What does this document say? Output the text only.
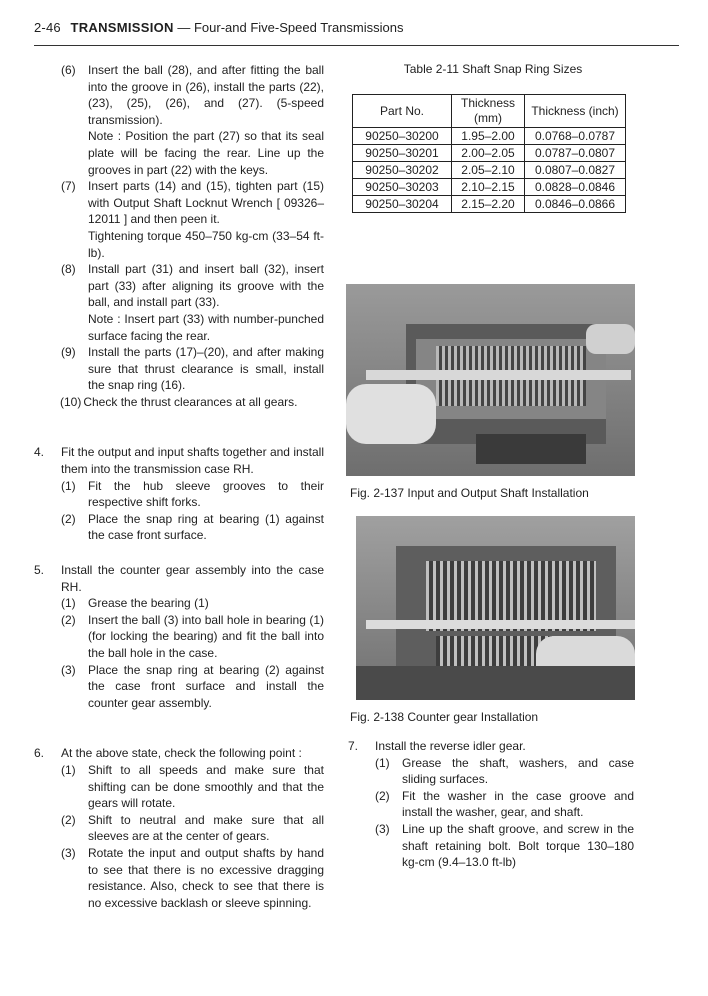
2-46 TRANSMISSION — Four-and Five-Speed Transmissions
(6)	Insert the ball (28), and after fitting the ball into the groove in (26), install the parts (22), (23), (25), (26), and (27). (5-speed transmission).
Note : Position the part (27) so that its seal plate will be facing the rear. Line up the grooves in part (22) with the keys.
(7)	Insert parts (14) and (15), tighten part (15) with Output Shaft Locknut Wrench [ 09326–12011 ] and then peen it.
Tightening torque 450–750 kg-cm (33–54 ft-lb).
(8)	Install part (31) and insert ball (32), insert part (33) after aligning its groove with the ball, and install part (33).
Note : Insert part (33) with number-punched surface facing the rear.
(9)	Install the parts (17)–(20), and after making sure that thrust clearance is small, install the snap ring (16).
(10) Check the thrust clearances at all gears.
4.	Fit the output and input shafts together and install them into the transmission case RH.
(1)	Fit the hub sleeve grooves to their respective shift forks.
(2)	Place the snap ring at bearing (1) against the case front surface.
5.	Install the counter gear assembly into the case RH.
(1)	Grease the bearing (1)
(2)	Insert the ball (3) into ball hole in bearing (1) (for locking the bearing) and fit the ball into the ball hole in the case.
(3)	Place the snap ring at bearing (2) against the case front surface and install the counter gear assembly.
6.	At the above state, check the following point :
(1)	Shift to all speeds and make sure that shifting can be done smoothly and that the gears will rotate.
(2)	Shift to neutral and make sure that all sleeves are at the center of gears.
(3)	Rotate the input and output shafts by hand to see that there is no excessive dragging resistance. Also, check to see that there is no excessive backlash or sleeve spinning.
Table 2-11 Shaft Snap Ring Sizes
Part No.	Thickness (mm)	Thickness (inch)
90250–30200	1.95–2.00	0.0768–0.0787
90250–30201	2.00–2.05	0.0787–0.0807
90250–30202	2.05–2.10	0.0807–0.0827
90250–30203	2.10–2.15	0.0828–0.0846
90250–30204	2.15–2.20	0.0846–0.0866
Fig. 2-137 Input and Output Shaft Installation
Fig. 2-138 Counter gear Installation
7.	Install the reverse idler gear.
(1)	Grease the shaft, washers, and case sliding surfaces.
(2)	Fit the washer in the case groove and install the washer, gear, and shaft.
(3)	Line up the shaft groove, and screw in the shaft retaining bolt. Bolt torque 130–180 kg-cm (9.4–13.0 ft-lb)
